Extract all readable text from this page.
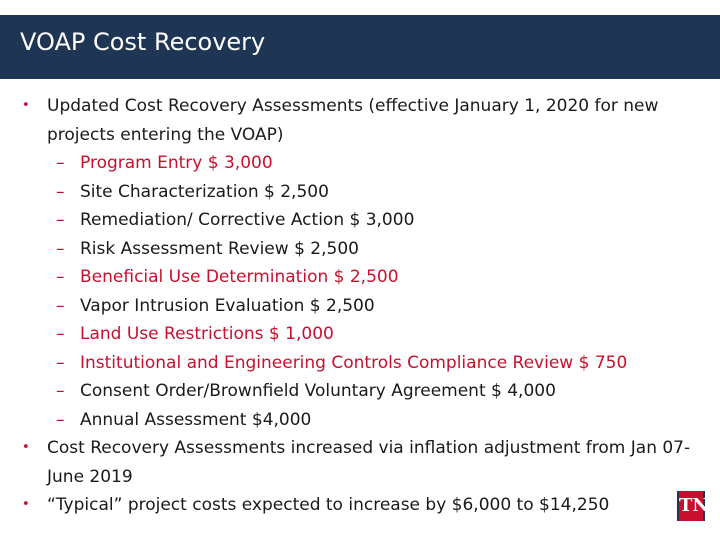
VOAP Cost Recovery
•	Updated Cost Recovery Assessments (effective January 1, 2020 for new projects entering the VOAP)
– Program Entry $ 3,000
– Site Characterization $ 2,500
– Remediation/ Corrective Action $ 3,000
– Risk Assessment Review $ 2,500
– Beneficial Use Determination $ 2,500
– Vapor Intrusion Evaluation $ 2,500
– Land Use Restrictions $ 1,000
– Institutional and Engineering Controls Compliance Review $ 750
– Consent Order/Brownfield Voluntary Agreement $ 4,000
– Annual Assessment $4,000
•	Cost Recovery Assessments increased via inflation adjustment from Jan 07-June 2019
•	“Typical” project costs expected to increase by $6,000 to $14,250	TN
